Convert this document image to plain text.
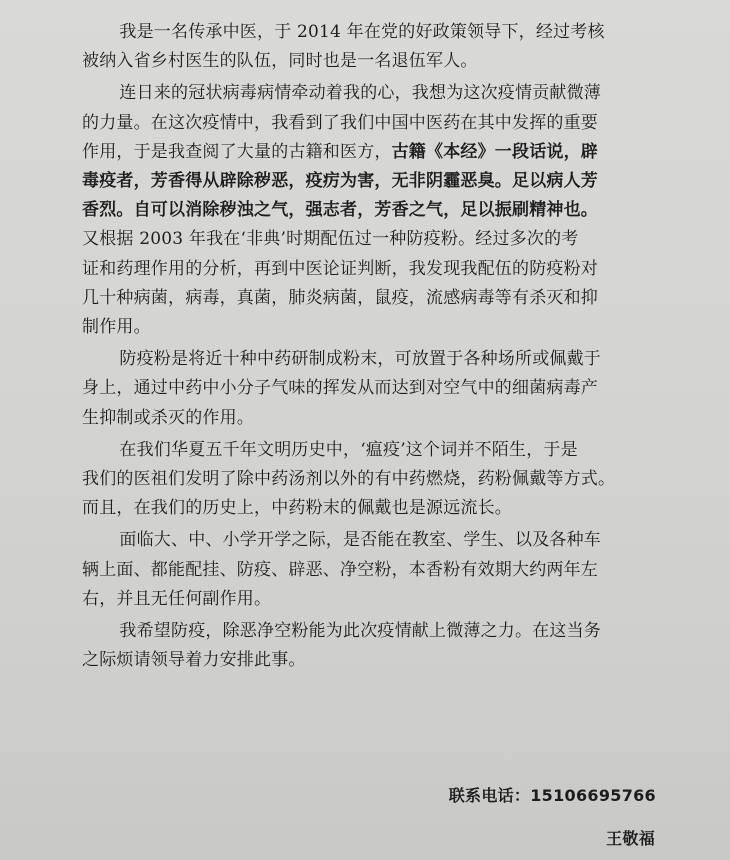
我是一名传承中医，于 2014 年在党的好政策领导下，经过考核

被纳入省乡村医生的队伍，同时也是一名退伍军人。

连日来的冠状病毒病情牵动着我的心，我想为这次疫情贡献微薄

的力量。在这次疫情中，我看到了我们中国中医药在其中发挥的重要

作用，于是我查阅了大量的古籍和医方，古籍《本经》一段话说，辟

毒疫者，芳香得从辟除秽恶，疫疠为害，无非阴霾恶臭。足以病人芳

香烈。自可以消除秽浊之气，强志者，芳香之气，足以振刷精神也。

又根据 2003 年我在‘非典’时期配伍过一种防疫粉。经过多次的考

证和药理作用的分析，再到中医论证判断，我发现我配伍的防疫粉对

几十种病菌，病毒，真菌，肺炎病菌，鼠疫，流感病毒等有杀灭和抑

制作用。

防疫粉是将近十种中药研制成粉末，可放置于各种场所或佩戴于

身上，通过中药中小分子气味的挥发从而达到对空气中的细菌病毒产

生抑制或杀灭的作用。

在我们华夏五千年文明历史中，‘瘟疫’这个词并不陌生，于是

我们的医祖们发明了除中药汤剂以外的有中药燃烧，药粉佩戴等方式。

而且，在我们的历史上，中药粉末的佩戴也是源远流长。

面临大、中、小学开学之际，是否能在教室、学生、以及各种车

辆上面、都能配挂、防疫、辟恶、净空粉，本香粉有效期大约两年左

右，并且无任何副作用。

我希望防疫，除恶净空粉能为此次疫情献上微薄之力。在这当务

之际烦请领导着力安排此事。

联系电话：15106695766
王敬福
